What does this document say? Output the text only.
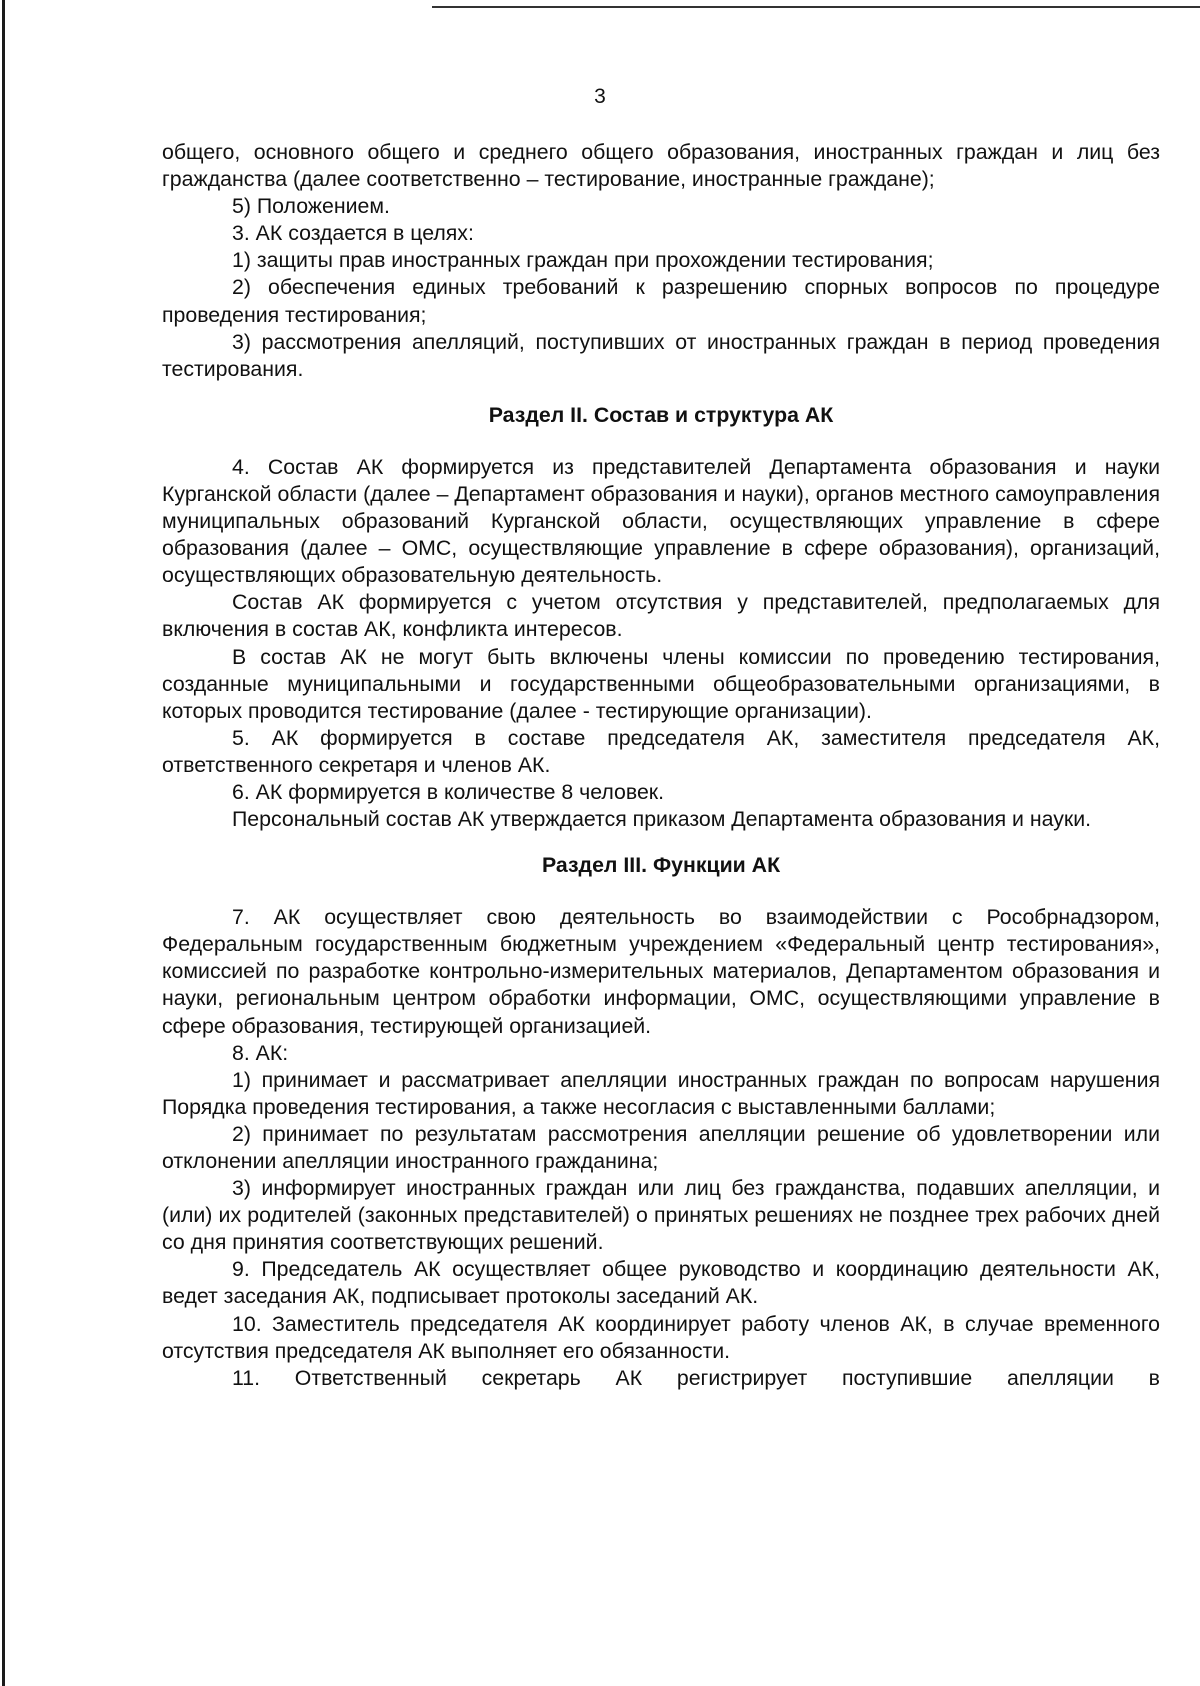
3

общего, основного общего и среднего общего образования, иностранных граждан и лиц без гражданства (далее соответственно – тестирование, иностранные граждане);

5) Положением.

3. АК создается в целях:

1) защиты прав иностранных граждан при прохождении тестирования;

2) обеспечения единых требований к разрешению спорных вопросов по процедуре проведения тестирования;

3) рассмотрения апелляций, поступивших от иностранных граждан в период проведения тестирования.

Раздел II. Состав и структура АК

4. Состав АК формируется из представителей Департамента образования и науки Курганской области (далее – Департамент образования и науки), органов местного самоуправления муниципальных образований Курганской области, осуществляющих управление в сфере образования (далее – ОМС, осуществляющие управление в сфере образования), организаций, осуществляющих образовательную деятельность.

Состав АК формируется с учетом отсутствия у представителей, предполагаемых для включения в состав АК, конфликта интересов.

В состав АК не могут быть включены члены комиссии по проведению тестирования, созданные муниципальными и государственными общеобразовательными организациями, в которых проводится тестирование (далее - тестирующие организации).

5. АК формируется в составе председателя АК, заместителя председателя АК, ответственного секретаря и членов АК.

6. АК формируется в количестве 8 человек.

Персональный состав АК утверждается приказом Департамента образования и науки.

Раздел III. Функции АК

7. АК осуществляет свою деятельность во взаимодействии с Рособрнадзором, Федеральным государственным бюджетным учреждением «Федеральный центр тестирования», комиссией по разработке контрольно-измерительных материалов, Департаментом образования и науки, региональным центром обработки информации, ОМС, осуществляющими управление в сфере образования, тестирующей организацией.

8. АК:

1) принимает и рассматривает апелляции иностранных граждан по вопросам нарушения Порядка проведения тестирования, а также несогласия с выставленными баллами;

2) принимает по результатам рассмотрения апелляции решение об удовлетворении или отклонении апелляции иностранного гражданина;

3) информирует иностранных граждан или лиц без гражданства, подавших апелляции, и (или) их родителей (законных представителей) о принятых решениях не позднее трех рабочих дней со дня принятия соответствующих решений.

9. Председатель АК осуществляет общее руководство и координацию деятельности АК, ведет заседания АК, подписывает протоколы заседаний АК.

10. Заместитель председателя АК координирует работу членов АК, в случае временного отсутствия председателя АК выполняет его обязанности.

11. Ответственный секретарь АК регистрирует поступившие апелляции в
